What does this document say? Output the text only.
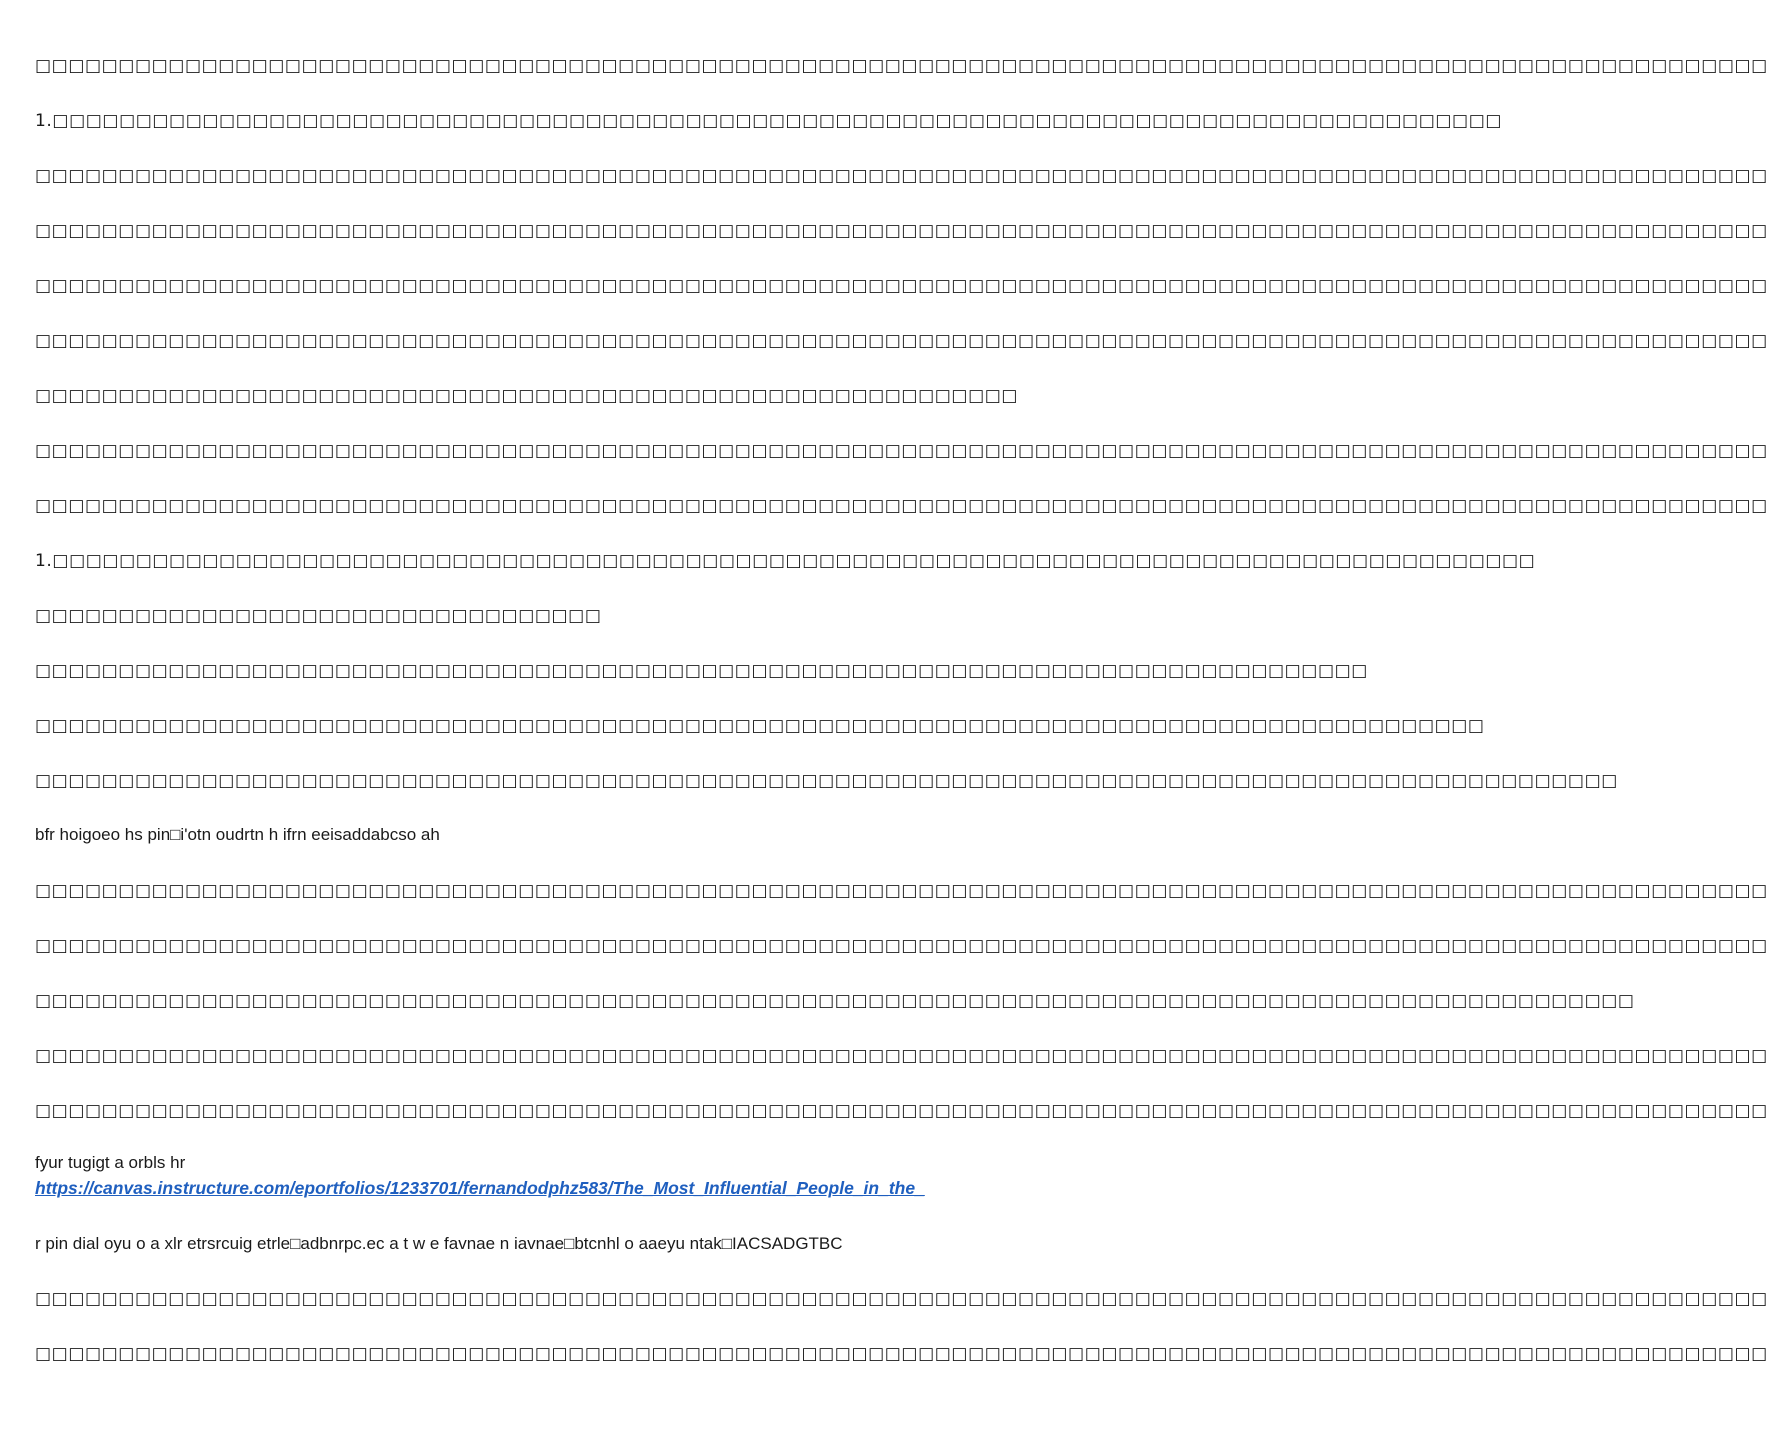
□□□□□□□□□□□□□□□□□□□□□□□□□□□□□□□□□□□□□□□□□□□□□□□□□□□□□□□□□□□□□□□□□□□□□□□□□□□□□□□□□□□□□□□□□□□□□□□□□□□□□□□□
1.□□□□□□□□□□□□□□□□□□□□□□□□□□□□□□□□□□□□□□□□□□□□□□□□□□□□□□□□□□□□□□□□□□□□□□□□□□□□□□□□□□□□□□□
□□□□□□□□□□□□□□□□□□□□□□□□□□□□□□□□□□□□□□□□□□□□□□□□□□□□□□□□□□□□□□□□□□□□□□□□□□□□□□□□□□□□□□□□□□□□□□□□□□□□□□□□
□□□□□□□□□□□□□□□□□□□□□□□□□□□□□□□□□□□□□□□□□□□□□□□□□□□□□□□□□□□□□□□□□□□□□□□□□□□□□□□□□□□□□□□□□□□□□□□□□□□□□□□□
□□□□□□□□□□□□□□□□□□□□□□□□□□□□□□□□□□□□□□□□□□□□□□□□□□□□□□□□□□□□□□□□□□□□□□□□□□□□□□□□□□□□□□□□□□□□□□□□□□□□□□□□
□□□□□□□□□□□□□□□□□□□□□□□□□□□□□□□□□□□□□□□□□□□□□□□□□□□□□□□□□□□□□□□□□□□□□□□□□□□□□□□□□□□□□□□□□□□□□□□□□□□□□□□□
□□□□□□□□□□□□□□□□□□□□□□□□□□□□□□□□□□□□□□□□□□□□□□□□□□□□□□□□□□□
□□□□□□□□□□□□□□□□□□□□□□□□□□□□□□□□□□□□□□□□□□□□□□□□□□□□□□□□□□□□□□□□□□□□□□□□□□□□□□□□□□□□□□□□□□□□□□□□□□□□□□□□
□□□□□□□□□□□□□□□□□□□□□□□□□□□□□□□□□□□□□□□□□□□□□□□□□□□□□□□□□□□□□□□□□□□□□□□□□□□□□□□□□□□□□□□□□□□□□□□□□□□□□□□□
1.□□□□□□□□□□□□□□□□□□□□□□□□□□□□□□□□□□□□□□□□□□□□□□□□□□□□□□□□□□□□□□□□□□□□□□□□□□□□□□□□□□□□□□□□□
□□□□□□□□□□□□□□□□□□□□□□□□□□□□□□□□□□
□□□□□□□□□□□□□□□□□□□□□□□□□□□□□□□□□□□□□□□□□□□□□□□□□□□□□□□□□□□□□□□□□□□□□□□□□□□□□□□□
□□□□□□□□□□□□□□□□□□□□□□□□□□□□□□□□□□□□□□□□□□□□□□□□□□□□□□□□□□□□□□□□□□□□□□□□□□□□□□□□□□□□□□□
□□□□□□□□□□□□□□□□□□□□□□□□□□□□□□□□□□□□□□□□□□□□□□□□□□□□□□□□□□□□□□□□□□□□□□□□□□□□□□□□□□□□□□□□□□□□□□□
bfr hoigoeo hs pin□i'otn oudrtn h ifrn eeisaddabcso ah
□□□□□□□□□□□□□□□□□□□□□□□□□□□□□□□□□□□□□□□□□□□□□□□□□□□□□□□□□□□□□□□□□□□□□□□□□□□□□□□□□□□□□□□□□□□□□□□□□□□□□□□□
□□□□□□□□□□□□□□□□□□□□□□□□□□□□□□□□□□□□□□□□□□□□□□□□□□□□□□□□□□□□□□□□□□□□□□□□□□□□□□□□□□□□□□□□□□□□□□□□□□□□□□□□
□□□□□□□□□□□□□□□□□□□□□□□□□□□□□□□□□□□□□□□□□□□□□□□□□□□□□□□□□□□□□□□□□□□□□□□□□□□□□□□□□□□□□□□□□□□□□□□□
□□□□□□□□□□□□□□□□□□□□□□□□□□□□□□□□□□□□□□□□□□□□□□□□□□□□□□□□□□□□□□□□□□□□□□□□□□□□□□□□□□□□□□□□□□□□□□□□□□□□□□□□
□□□□□□□□□□□□□□□□□□□□□□□□□□□□□□□□□□□□□□□□□□□□□□□□□□□□□□□□□□□□□□□□□□□□□□□□□□□□□□□□□□□□□□□□□□□□□□□□□□□□□□□□
fyur tugigt a orbls hr
https://canvas.instructure.com/eportfolios/1233701/fernandodphz583/The_Most_Influential_People_in_the_
r pin dial oyu o a xlr etrsrcuig etrle□adbnrpc.ec a t w e favnae n iavnae□btcnhl o aaeyu ntak□IACSADGTBC
□□□□□□□□□□□□□□□□□□□□□□□□□□□□□□□□□□□□□□□□□□□□□□□□□□□□□□□□□□□□□□□□□□□□□□□□□□□□□□□□□□□□□□□□□□□□□□□□□□□□□□□□
□□□□□□□□□□□□□□□□□□□□□□□□□□□□□□□□□□□□□□□□□□□□□□□□□□□□□□□□□□□□□□□□□□□□□□□□□□□□□□□□□□□□□□□□□□□□□□□□□□□□□□□□
